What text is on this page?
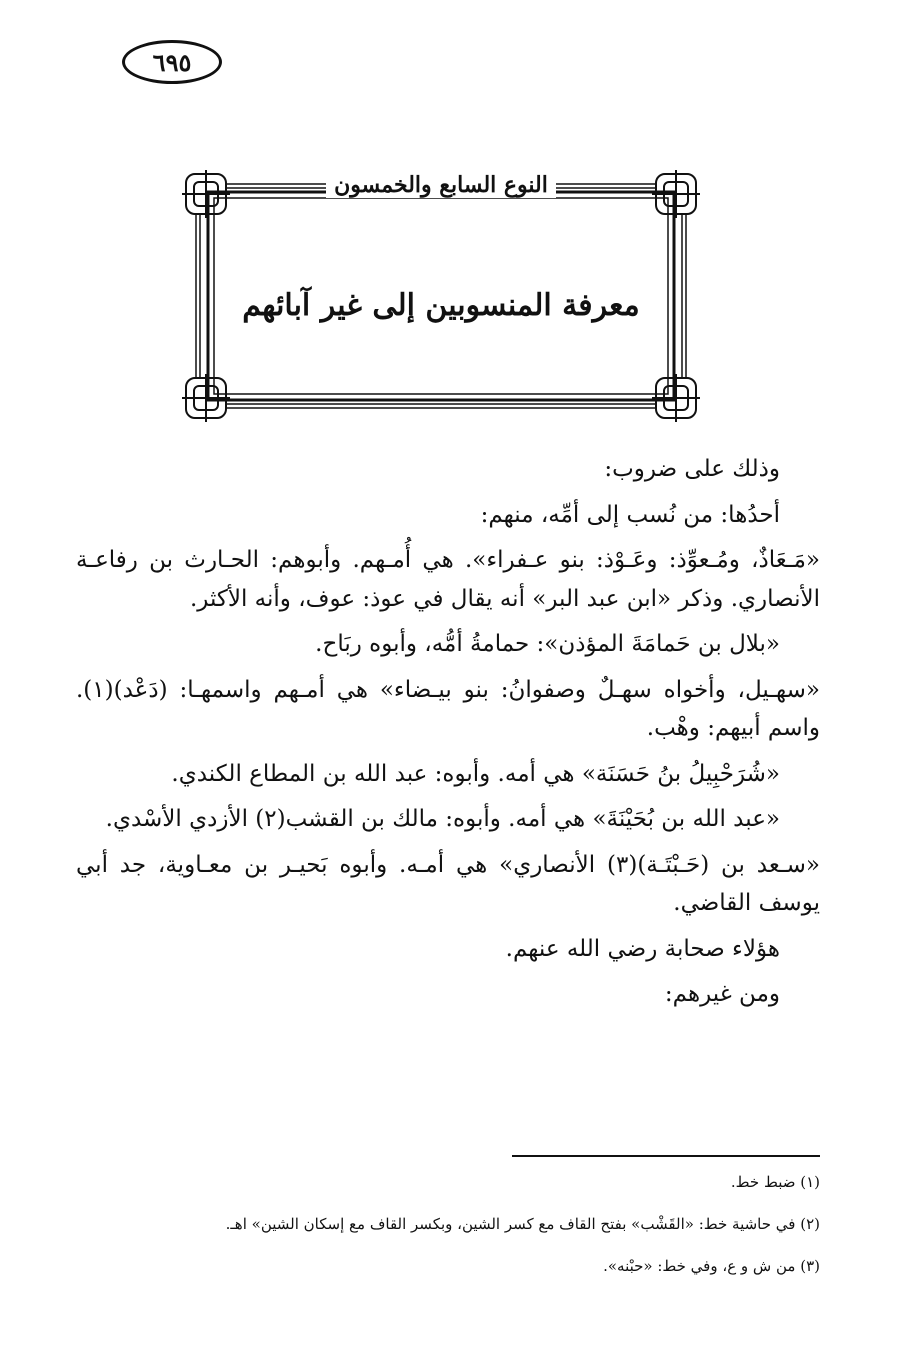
٦٩٥
النوع السابع والخمسون
معرفة المنسوبين إلى غير آبائهم

وذلك على ضروب:

أحدُها: من نُسب إلى أمِّه، منهم:

«مَـعَاذٌ، ومُـعوِّذ: وعَـوْذ: بنو عـفراء». هي أُمـهم. وأبوهم: الحـارث بن رفاعـة الأنصاري. وذكر «ابن عبد البر» أنه يقال في عوذ: عوف، وأنه الأكثر.

«بلال بن حَمامَةَ المؤذن»: حمامةُ أمُّه، وأبوه ربَاح.

«سهـيل، وأخواه سهـلٌ وصفوانُ: بنو بيـضاء» هي أمـهم واسمهـا: (دَعْد)(١). واسم أبيهم: وهْب.

«شُرَحْبِيلُ بنُ حَسَنَة» هي أمه. وأبوه: عبد الله بن المطاع الكندي.

«عبد الله بن بُحَيْنَةَ» هي أمه. وأبوه: مالك بن القشب(٢) الأزدي الأسْدي.

«سـعد بن (حَـبْتَـة)(٣) الأنصاري» هي أمـه. وأبوه بَحيـر بن معـاوية، جد أبي يوسف القاضي.

هؤلاء صحابة رضي الله عنهم.

ومن غيرهم:

(١) ضبط خط.

(٢) في حاشية خط: «القَشْب» بفتح القاف مع كسر الشين، وبكسر القاف مع إسكان الشين» اهـ.

(٣) من ش و ع، وفي خط: «حبْنه».
